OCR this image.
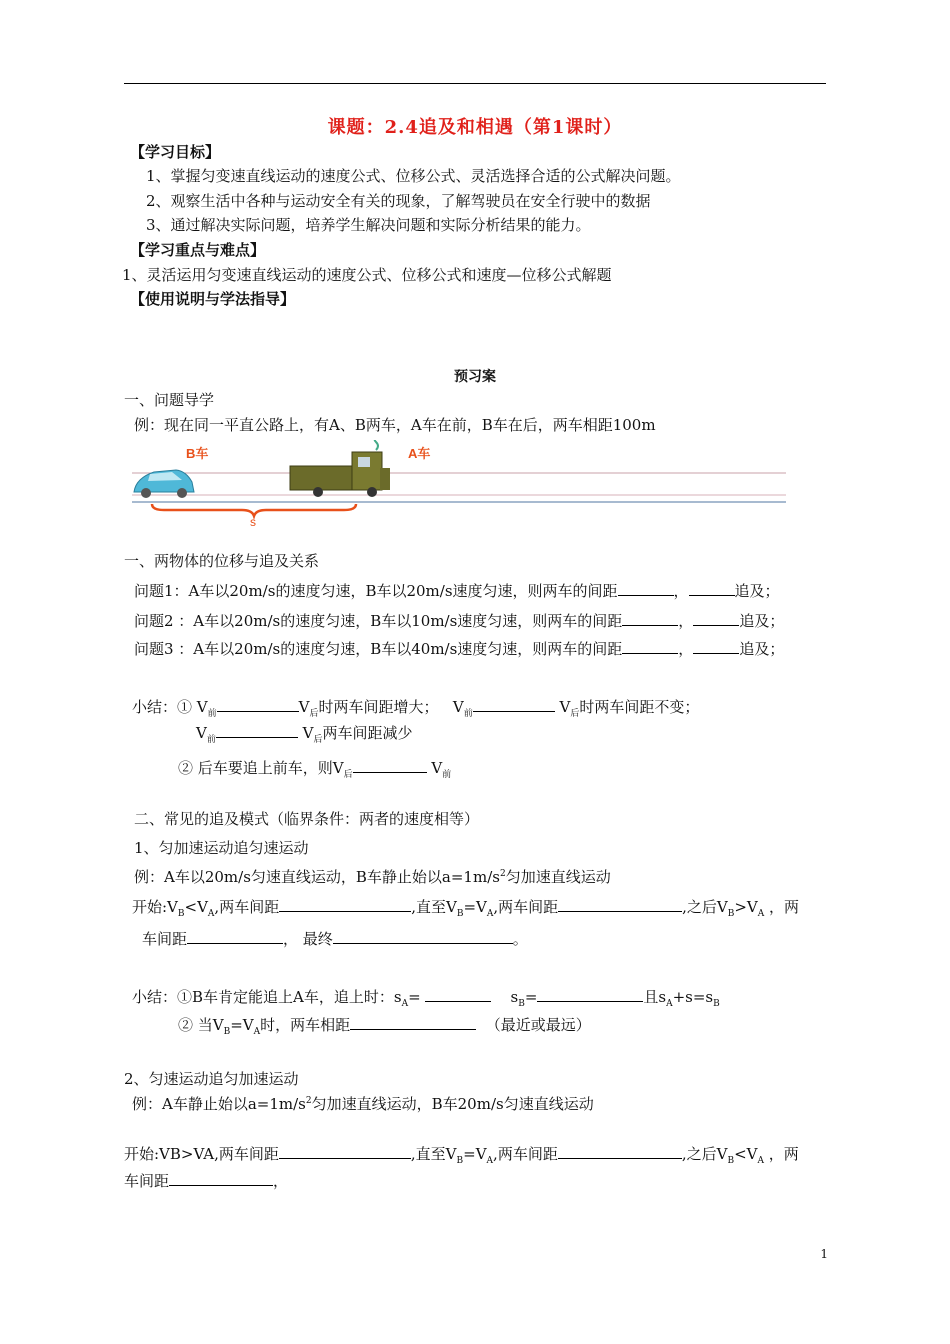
课题：2.4追及和相遇（第1课时）
【学习目标】
1、掌握匀变速直线运动的速度公式、位移公式、灵活选择合适的公式解决问题。
2、观察生活中各种与运动安全有关的现象，了解驾驶员在安全行驶中的数据
3、通过解决实际问题，培养学生解决问题和实际分析结果的能力。
【学习重点与难点】
1、灵活运用匀变速直线运动的速度公式、位移公式和速度—位移公式解题
【使用说明与学法指导】
预习案
一、问题导学
例：现在同一平直公路上，有A、B两车，A车在前，B车在后，两车相距100m
B车	A车
s
一、两物体的位移与追及关系
问题1：A车以20m/s的速度匀速，B车以20m/s速度匀速，则两车的间距	，	追及；
问题2 ：A车以20m/s的速度匀速，B车以10m/s速度匀速，则两车的间距	，	追及；
问题3 ：A车以20m/s的速度匀速，B车以40m/s速度匀速，则两车的间距	，	追及；
小结：① $V_前$	$V_后$时两车间距增大； $V_前$	$V_后$时两车间距不变；
$V_前$	$V_后$两车间距减少
② 后车要追上前车，则$V_后$	$V_前$
二、常见的追及模式（临界条件：两者的速度相等）
1、匀加速运动追匀速运动
例：A车以20m/s匀速直线运动，B车静止始以$a=1m/s^2$匀加速直线运动
开始$:V_B<V_A$,两车间距	,直至$V_B=V_A$,两车间距	,之后$V_B>V_A$ ，两
车间距	， 最终	。
小结：①B车肯定能追上A车，追上时：$s_A=$	$s_B=$	且$s_A+s=s_B$
② 当$V_B=V_A$时，两车相距	（最近或最远）
2、匀速运动追匀加速运动
例：A车静止始以$a=1m/s^2$匀加速直线运动，B车20m/s匀速直线运动
开始:VB>VA,两车间距	,直至$V_B=V_A$,两车间距	,之后$V_B<V_A$ ，两
车间距	，
1
